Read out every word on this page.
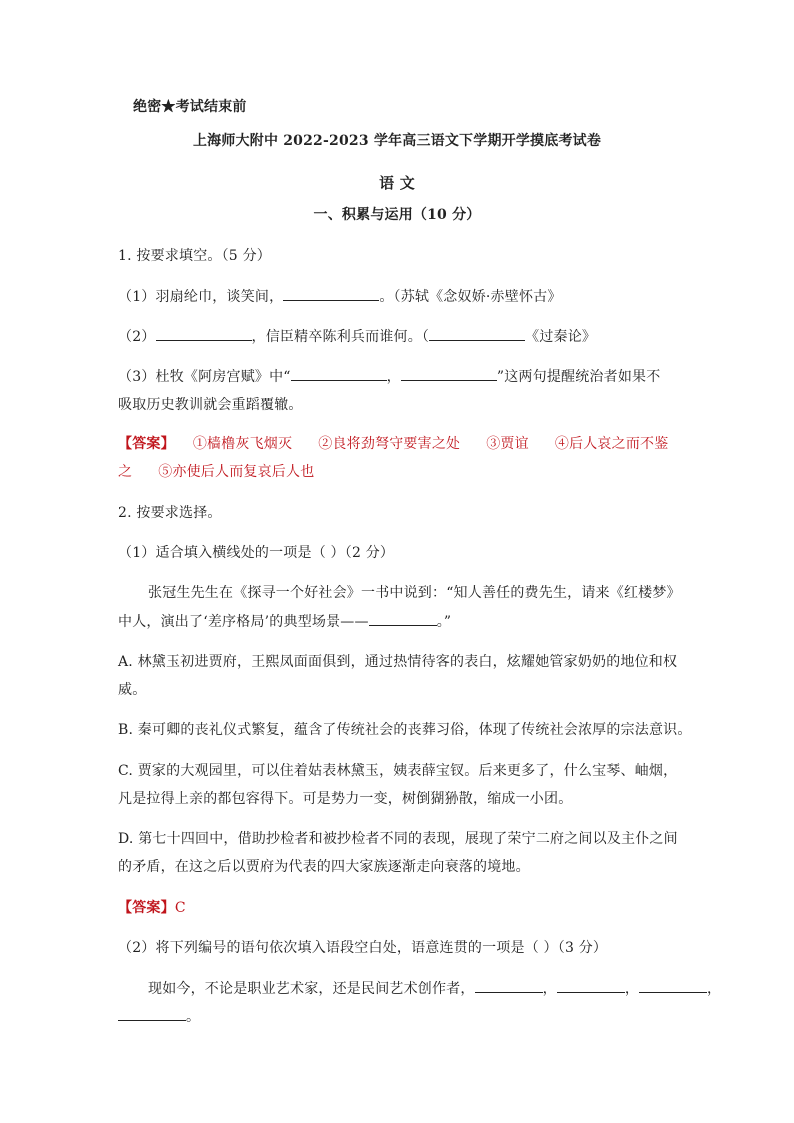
绝密★考试结束前
上海师大附中 2022-2023 学年高三语文下学期开学摸底考试卷
语 文
一、积累与运用（10 分）
1. 按要求填空。（5 分）
（1）羽扇纶巾，谈笑间，	。（苏轼《念奴娇·赤壁怀古》
（2）	，信臣精卒陈利兵而谁何。（	《过秦论》
（3）杜牧《阿房宫赋》中“	，	”这两句提醒统治者如果不
吸取历史教训就会重蹈覆辙。
【答案】 ①樯橹灰飞烟灭 ②良将劲弩守要害之处 ③贾谊 ④后人哀之而不鉴
之 ⑤亦使后人而复哀后人也
2. 按要求选择。
（1）适合填入横线处的一项是（ ）（2 分）
张冠生先生在《探寻一个好社会》一书中说到：“知人善任的费先生，请来《红楼梦》
中人，演出了‘差序格局’的典型场景——	。”
A. 林黛玉初进贾府，王熙凤面面俱到，通过热情待客的表白，炫耀她管家奶奶的地位和权
威。
B. 秦可卿的丧礼仪式繁复，蕴含了传统社会的丧葬习俗，体现了传统社会浓厚的宗法意识。
C. 贾家的大观园里，可以住着姑表林黛玉，姨表薛宝钗。后来更多了，什么宝琴、岫烟，
凡是拉得上亲的都包容得下。可是势力一变，树倒猢狲散，缩成一小团。
D. 第七十四回中，借助抄检者和被抄检者不同的表现，展现了荣宁二府之间以及主仆之间
的矛盾，在这之后以贾府为代表的四大家族逐渐走向衰落的境地。
【答案】C
（2）将下列编号的语句依次填入语段空白处，语意连贯的一项是（ ）（3 分）
现如今，不论是职业艺术家，还是民间艺术创作者，	，	，	，
。
